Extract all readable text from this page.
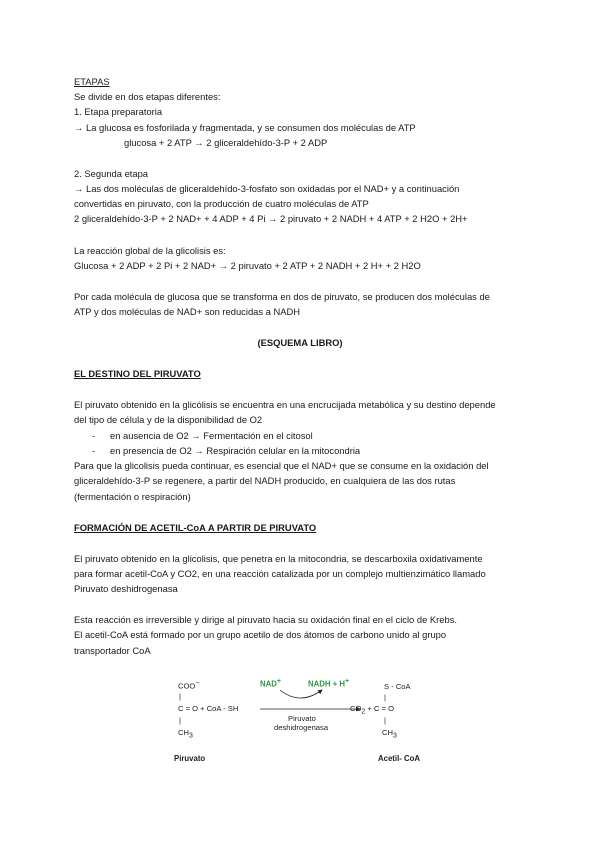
ETAPAS
Se divide en dos etapas diferentes:
1. Etapa preparatoria
→ La glucosa es fosforilada y fragmentada, y se consumen dos moléculas de ATP
glucosa + 2 ATP → 2 gliceraldehído-3-P + 2 ADP
2. Segunda etapa
→ Las dos moléculas de gliceraldehído-3-fosfato son oxidadas por el NAD+ y a continuación
convertidas en piruvato, con la producción de cuatro moléculas de ATP
2 gliceraldehído-3-P + 2 NAD+ + 4 ADP + 4 Pi → 2 piruvato + 2 NADH + 4 ATP + 2 H2O + 2H+
La reacción global de la glicolisis es:
Glucosa + 2 ADP + 2 Pi + 2 NAD+ → 2 piruvato + 2 ATP + 2 NADH + 2 H+ + 2 H2O
Por cada molécula de glucosa que se transforma en dos de piruvato, se producen dos moléculas de
ATP y dos moléculas de NAD+ son reducidas a NADH
(ESQUEMA LIBRO)
EL DESTINO DEL PIRUVATO
El piruvato obtenido en la glicólisis se encuentra en una encrucijada metabólica y su destino depende
del tipo de célula y de la disponibilidad de O2
- en ausencia de O2 → Fermentación en el citosol
- en presencia de O2 → Respiración celular en la mitocondria
Para que la glicolisis pueda continuar, es esencial que el NAD+ que se consume en la oxidación del
gliceraldehído-3-P se regenere, a partir del NADH producido, en cualquiera de las dos rutas
(fermentación o respiración)
FORMACIÓN DE ACETIL-CoA A PARTIR DE PIRUVATO
El piruvato obtenido en la glicolisis, que penetra en la mitocondria, se descarboxila oxidativamente
para formar acetil-CoA y CO2, en una reacción catalizada por un complejo multienzimático llamado
Piruvato deshidrogenasa
Esta reacción es irreversible y dirige al piruvato hacia su oxidación final en el ciclo de Krebs.
El acetil-CoA está formado por un grupo acetilo de dos átomos de carbono unido al grupo
transportador CoA
COO−
|
C = O + CoA - SH
|
$CH_3$
NAD+	NADH + H+
Piruvato
deshidrogenasa
S - CoA
|
$CO_2 + C = O$
|
$CH_3$
Piruvato	Acetil- CoA
